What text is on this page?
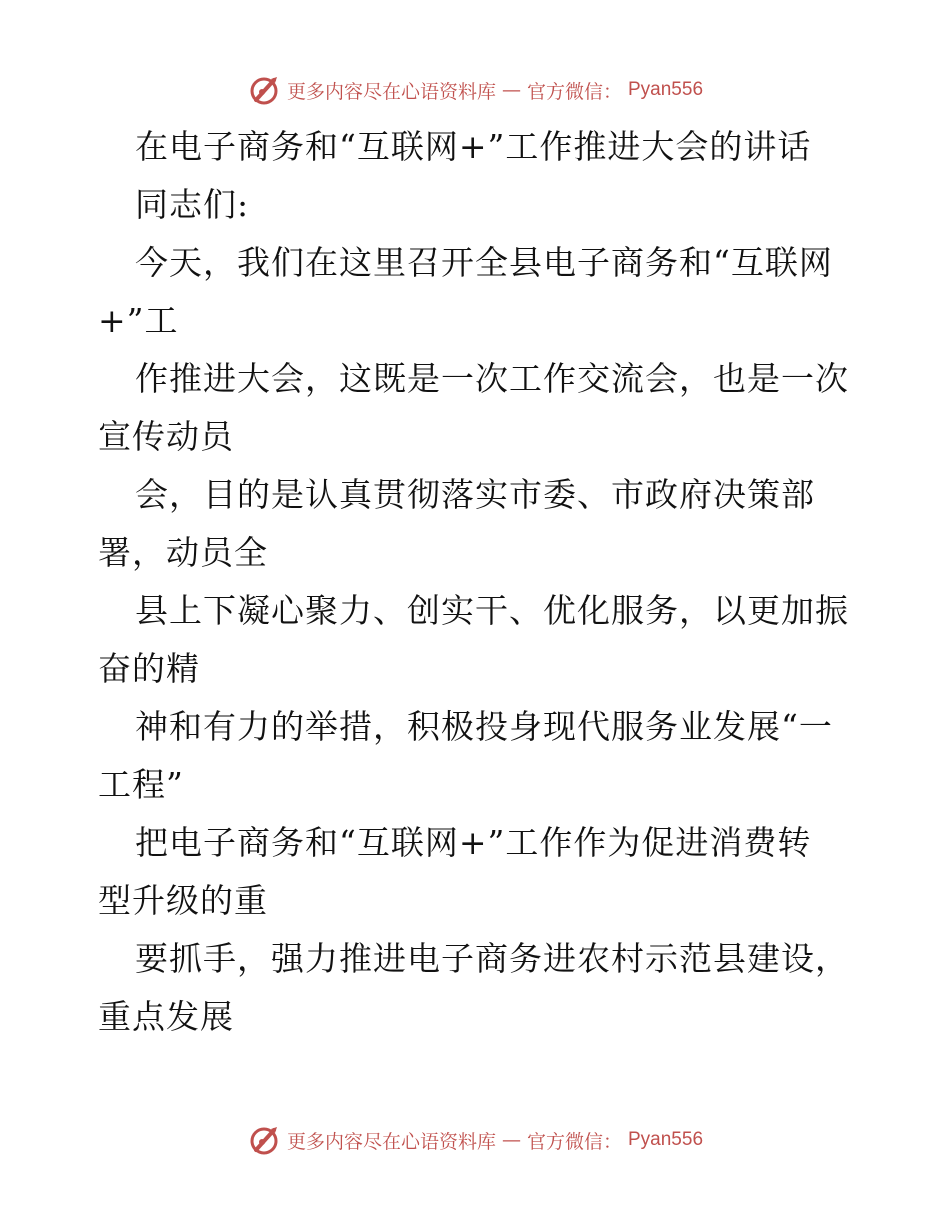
更多内容尽在心语资料库 — 官方微信： Pyan556
在电子商务和“互联网+”工作推进大会的讲话
同志们:
今天，我们在这里召开全县电子商务和“互联网
+”工
作推进大会，这既是一次工作交流会，也是一次
宣传动员
会，目的是认真贯彻落实市委、市政府决策部
署，动员全
县上下凝心聚力、创实干、优化服务，以更加振
奋的精
神和有力的举措，积极投身现代服务业发展“一
工程”
把电子商务和“互联网+”工作作为促进消费转
型升级的重
要抓手，强力推进电子商务进农村示范县建设，
重点发展
更多内容尽在心语资料库 — 官方微信： Pyan556
